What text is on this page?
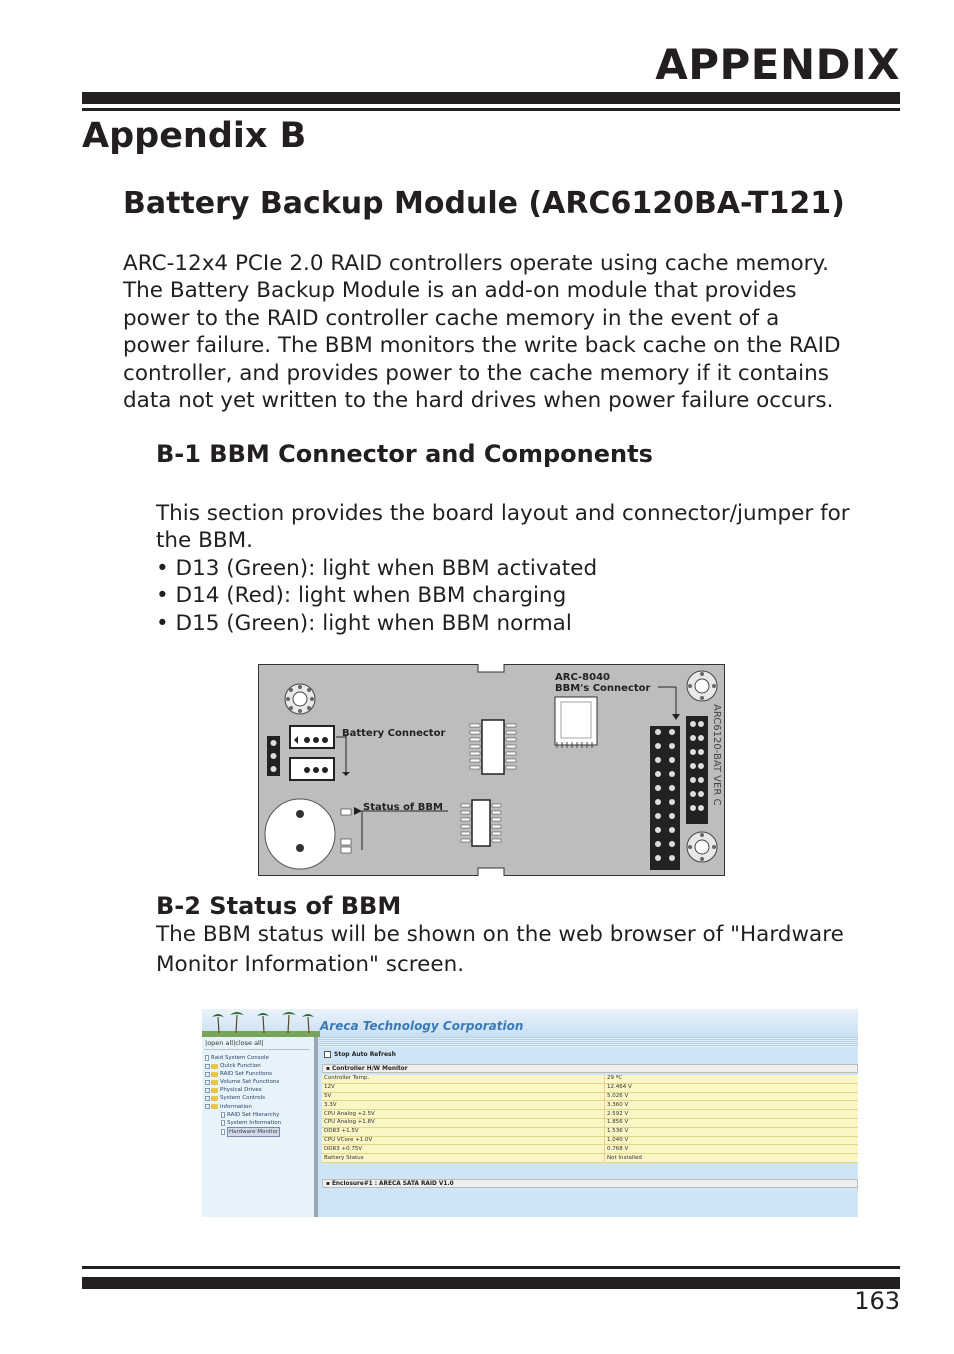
APPENDIX
Appendix B
Battery Backup Module (ARC6120BA-T121)
ARC-12x4 PCIe 2.0 RAID controllers operate using cache memory.
The Battery Backup Module is an add-on module that provides
power to the RAID controller cache memory in the event of a
power failure. The BBM monitors the write back cache on the RAID
controller, and provides power to the cache memory if it contains
data not yet written to the hard drives when power failure occurs.
B-1 BBM Connector and Components
This section provides the board layout and connector/jumper for
the BBM.
• D13 (Green): light when BBM activated
• D14 (Red): light when BBM charging
• D15 (Green): light when BBM normal
Battery Connector
Status of BBM
ARC-8040
BBM's Connector
ARC6120-BAT VER C
B-2 Status of BBM
The BBM status will be shown on the web browser of "Hardware
Monitor Information" screen.
Areca Technology Corporation
|open all|close all|
Raid System Console
Quick Function
RAID Set Functions
Volume Set Functions
Physical Drives
System Controls
Information
RAID Set Hierarchy
System Information
Hardware Monitor
Stop Auto Refresh
▪ Controller H/W Monitor
Controller Temp.	29 ºC
12V	12.464 V
5V	5.026 V
3.3V	3.360 V
CPU Analog +2.5V	2.592 V
CPU Analog +1.8V	1.856 V
DDR3 +1.5V	1.536 V
CPU VCore +1.0V	1.040 V
DDR3 +0.75V	0.768 V
Battery Status	Not Installed
▪ Enclosure#1 : ARECA SATA RAID V1.0
163
